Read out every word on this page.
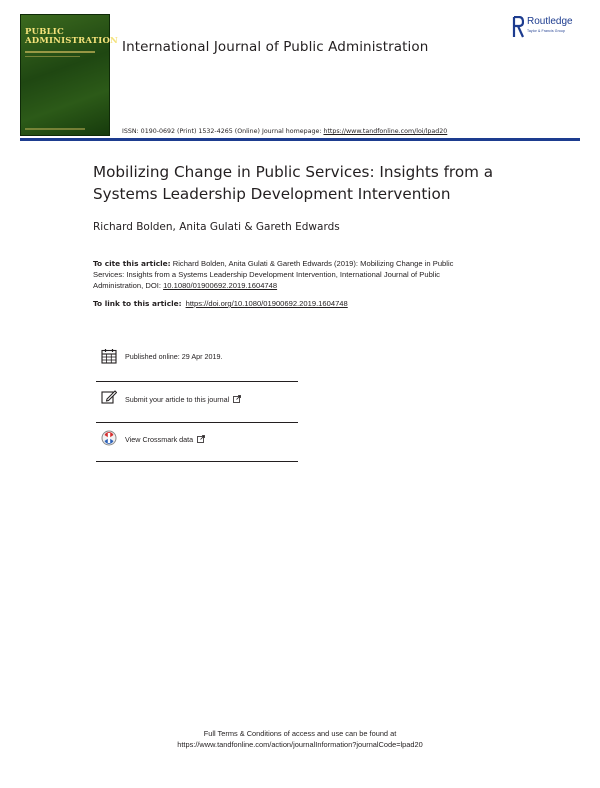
PUBLIC
ADMINISTRATION International Journal of Public Administration
Routledge
Taylor & Francis Group
ISSN: 0190-0692 (Print) 1532-4265 (Online) Journal homepage: https://www.tandfonline.com/loi/lpad20
Mobilizing Change in Public Services: Insights from a Systems Leadership Development Intervention
Richard Bolden, Anita Gulati & Gareth Edwards
To cite this article: Richard Bolden, Anita Gulati & Gareth Edwards (2019): Mobilizing Change in Public Services: Insights from a Systems Leadership Development Intervention, International Journal of Public Administration, DOI: 10.1080/01900692.2019.1604748
To link to this article: https://doi.org/10.1080/01900692.2019.1604748
Published online: 29 Apr 2019.
Submit your article to this journal
View Crossmark data
Full Terms & Conditions of access and use can be found at
https://www.tandfonline.com/action/journalInformation?journalCode=lpad20
